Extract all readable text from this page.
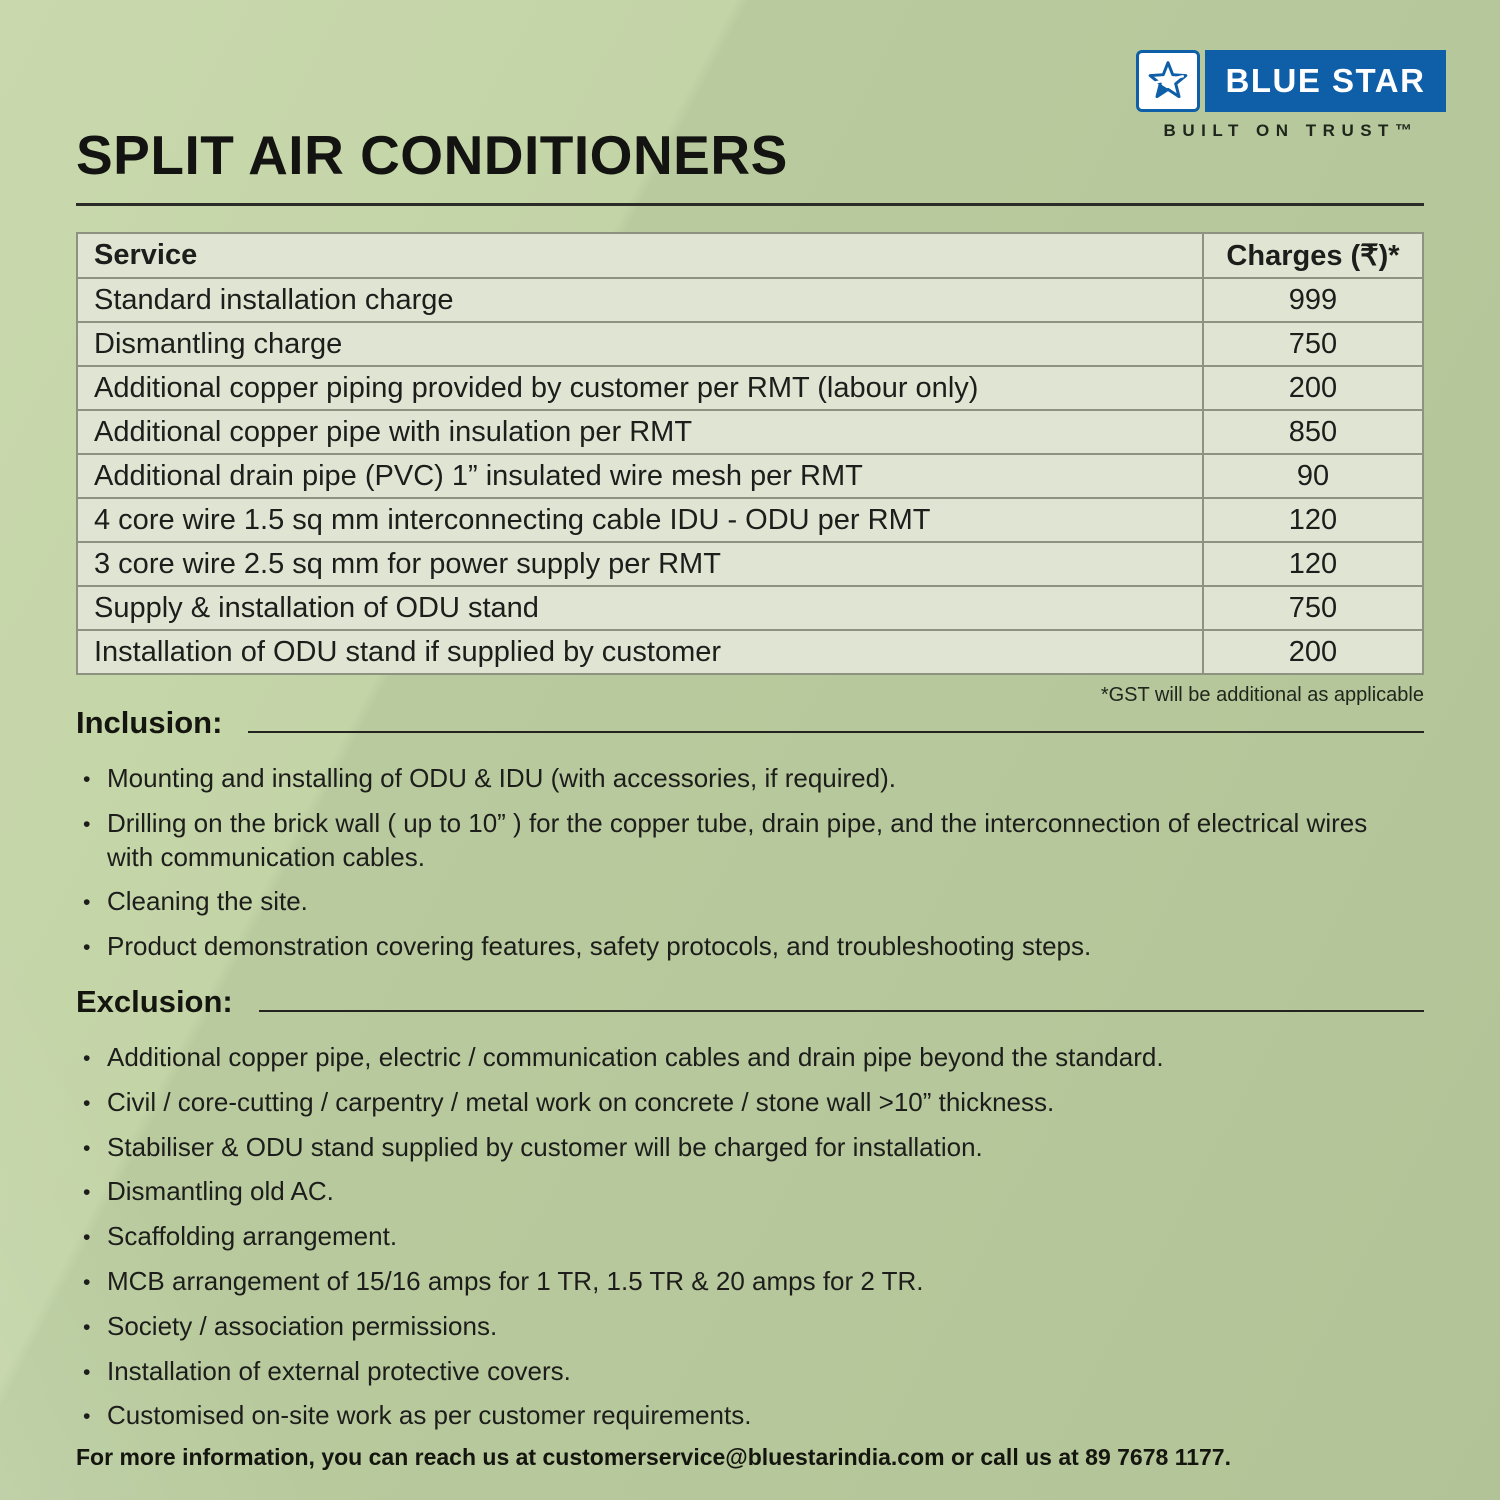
BLUE STAR
BUILT ON TRUST™
SPLIT AIR CONDITIONERS
Service	Charges (₹)*
Standard installation charge	999
Dismantling charge	750
Additional copper piping provided by customer per RMT (labour only)	200
Additional copper pipe with insulation per RMT	850
Additional drain pipe (PVC) 1” insulated wire mesh per RMT	90
4 core wire 1.5 sq mm interconnecting cable IDU - ODU per RMT	120
3 core wire 2.5 sq mm for power supply per RMT	120
Supply & installation of ODU stand	750
Installation of ODU stand if supplied by customer	200
*GST will be additional as applicable
Inclusion:
• Mounting and installing of ODU & IDU (with accessories, if required).
• Drilling on the brick wall ( up to 10” ) for the copper tube, drain pipe, and the interconnection of electrical wires with communication cables.
• Cleaning the site.
• Product demonstration covering features, safety protocols, and troubleshooting steps.
Exclusion:
• Additional copper pipe, electric / communication cables and drain pipe beyond the standard.
• Civil / core-cutting / carpentry / metal work on concrete / stone wall >10” thickness.
• Stabiliser & ODU stand supplied by customer will be charged for installation.
• Dismantling old AC.
• Scaffolding arrangement.
• MCB arrangement of 15/16 amps for 1 TR, 1.5 TR & 20 amps for 2 TR.
• Society / association permissions.
• Installation of external protective covers.
• Customised on-site work as per customer requirements.
For more information, you can reach us at customerservice@bluestarindia.com or call us at 89 7678 1177.
